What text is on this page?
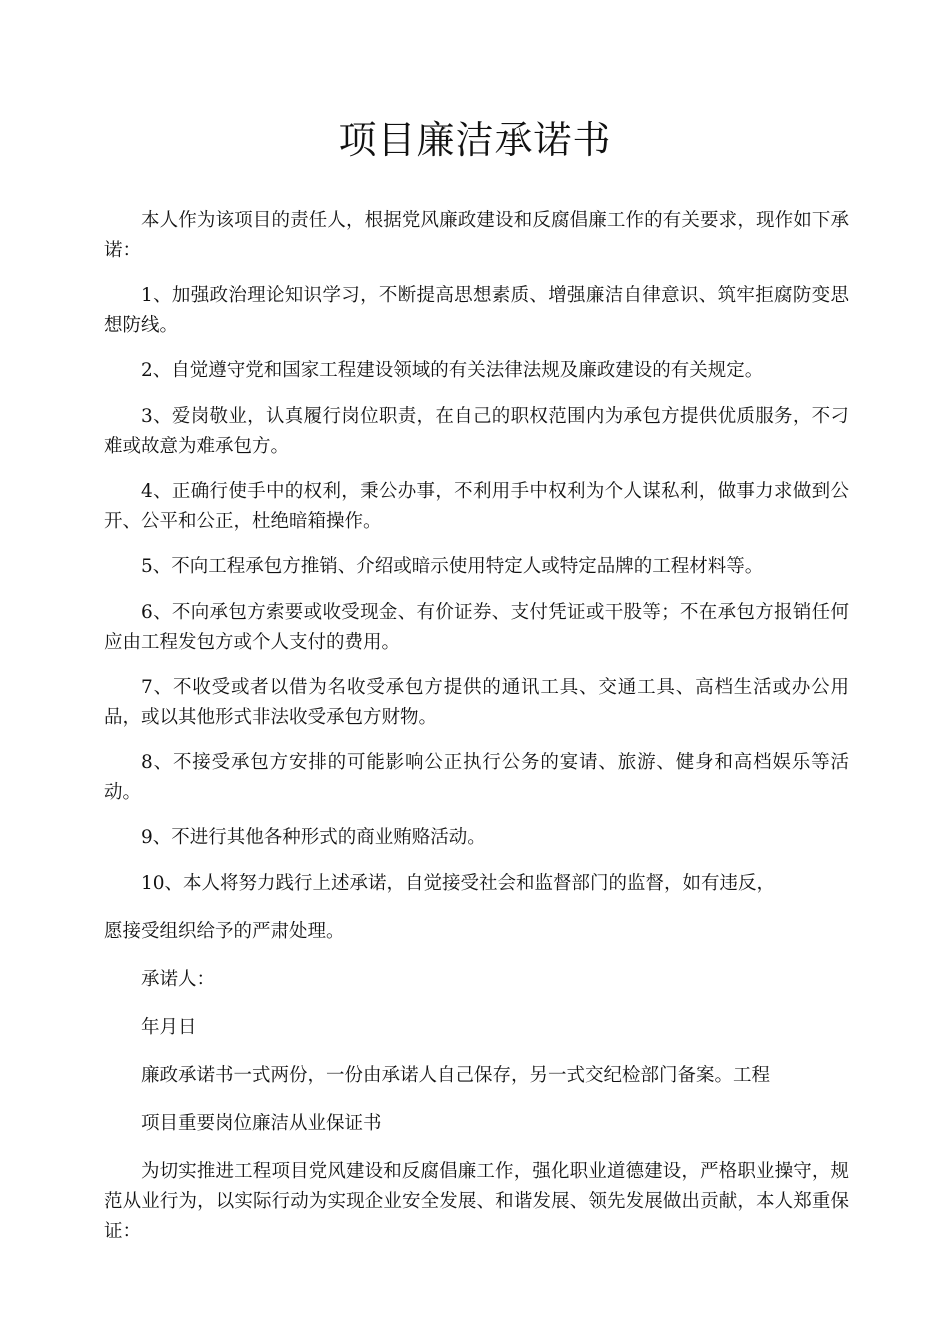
项目廉洁承诺书

本人作为该项目的责任人，根据党风廉政建设和反腐倡廉工作的有关要求，现作如下承诺：

1、加强政治理论知识学习，不断提高思想素质、增强廉洁自律意识、筑牢拒腐防变思想防线。

2、自觉遵守党和国家工程建设领域的有关法律法规及廉政建设的有关规定。

3、爱岗敬业，认真履行岗位职责，在自己的职权范围内为承包方提供优质服务，不刁难或故意为难承包方。

4、正确行使手中的权利，秉公办事，不利用手中权利为个人谋私利，做事力求做到公开、公平和公正，杜绝暗箱操作。

5、不向工程承包方推销、介绍或暗示使用特定人或特定品牌的工程材料等。

6、不向承包方索要或收受现金、有价证券、支付凭证或干股等；不在承包方报销任何应由工程发包方或个人支付的费用。

7、不收受或者以借为名收受承包方提供的通讯工具、交通工具、高档生活或办公用品，或以其他形式非法收受承包方财物。

8、不接受承包方安排的可能影响公正执行公务的宴请、旅游、健身和高档娱乐等活动。

9、不进行其他各种形式的商业贿赂活动。

10、本人将努力践行上述承诺，自觉接受社会和监督部门的监督，如有违反，

愿接受组织给予的严肃处理。

承诺人：

年月日

廉政承诺书一式两份，一份由承诺人自己保存，另一式交纪检部门备案。工程

项目重要岗位廉洁从业保证书

为切实推进工程项目党风建设和反腐倡廉工作，强化职业道德建设，严格职业操守，规范从业行为，以实际行动为实现企业安全发展、和谐发展、领先发展做出贡献，本人郑重保证：
